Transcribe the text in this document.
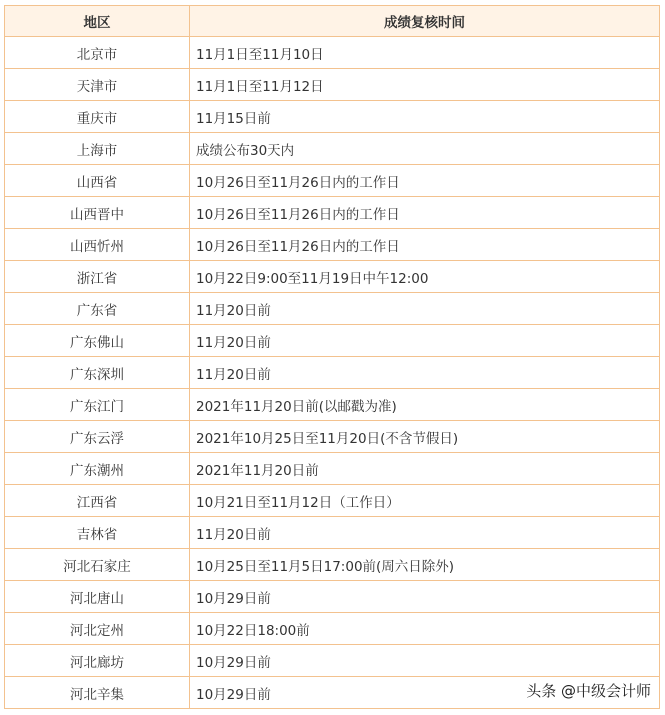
地区	成绩复核时间
北京市	11月1日至11月10日
天津市	11月1日至11月12日
重庆市	11月15日前
上海市	成绩公布30天内
山西省	10月26日至11月26日内的工作日
山西晋中	10月26日至11月26日内的工作日
山西忻州	10月26日至11月26日内的工作日
浙江省	10月22日9:00至11月19日中午12:00
广东省	11月20日前
广东佛山	11月20日前
广东深圳	11月20日前
广东江门	2021年11月20日前(以邮戳为准)
广东云浮	2021年10月25日至11月20日(不含节假日)
广东潮州	2021年11月20日前
江西省	10月21日至11月12日（工作日）
吉林省	11月20日前
河北石家庄	10月25日至11月5日17:00前(周六日除外)
河北唐山	10月29日前
河北定州	10月22日18:00前
河北廊坊	10月29日前
河北辛集	10月29日前	头条 @中级会计师
